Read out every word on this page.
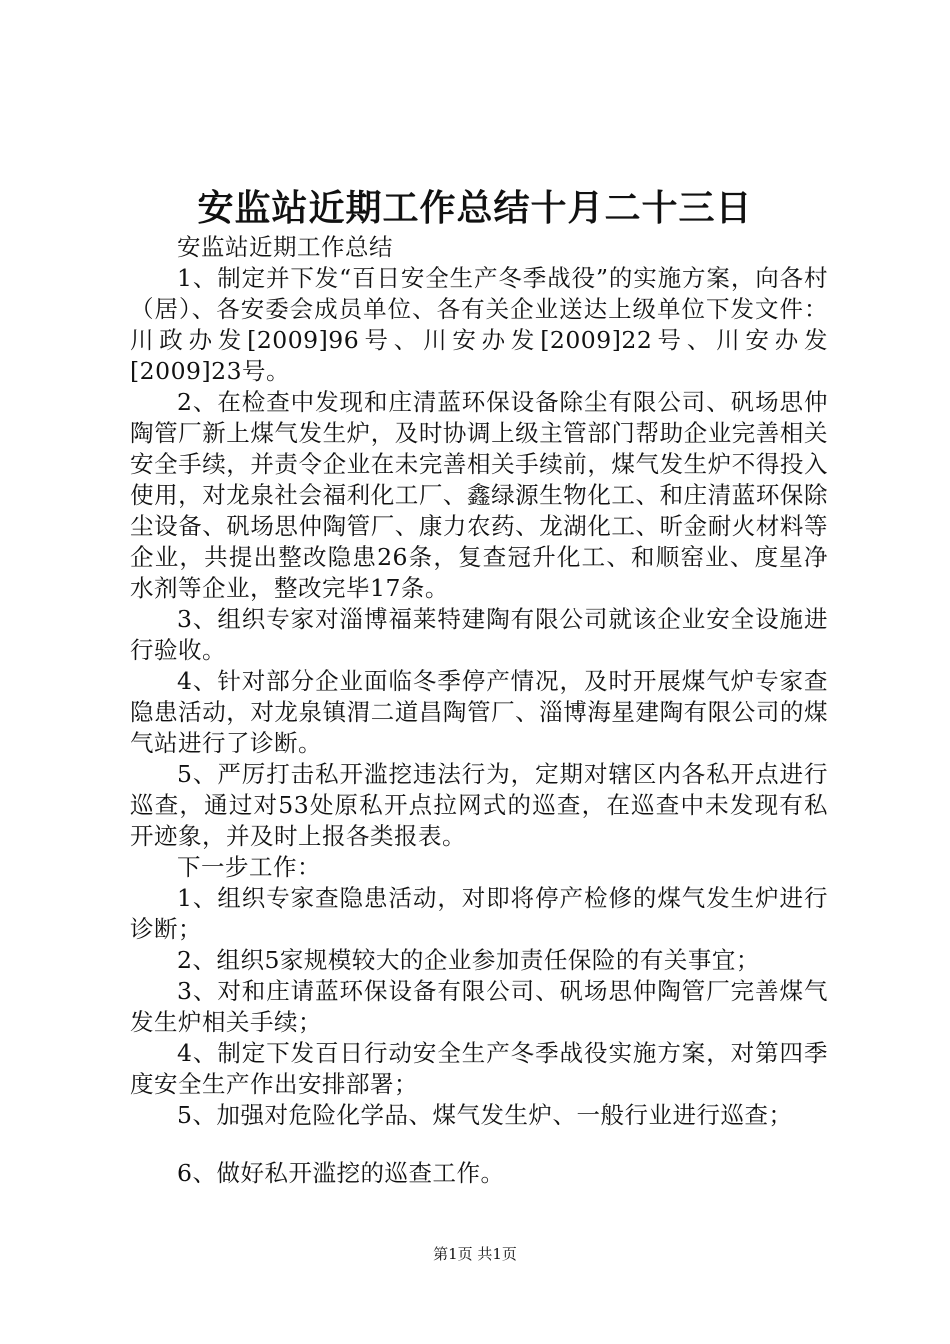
安监站近期工作总结十月二十三日

安监站近期工作总结

1、制定并下发“百日安全生产冬季战役”的实施方案，向各村（居）、各安委会成员单位、各有关企业送达上级单位下发文件：川政办发[2009]96号、川安办发[2009]22号、川安办发[2009]23号。

2、在检查中发现和庄清蓝环保设备除尘有限公司、矾场思仲陶管厂新上煤气发生炉，及时协调上级主管部门帮助企业完善相关安全手续，并责令企业在未完善相关手续前，煤气发生炉不得投入使用，对龙泉社会福利化工厂、鑫绿源生物化工、和庄清蓝环保除尘设备、矾场思仲陶管厂、康力农药、龙湖化工、昕金耐火材料等企业，共提出整改隐患26条，复查冠升化工、和顺窑业、度星净水剂等企业，整改完毕17条。

3、组织专家对淄博福莱特建陶有限公司就该企业安全设施进行验收。

4、针对部分企业面临冬季停产情况，及时开展煤气炉专家查隐患活动，对龙泉镇渭二道昌陶管厂、淄博海星建陶有限公司的煤气站进行了诊断。

5、严厉打击私开滥挖违法行为，定期对辖区内各私开点进行巡查，通过对53处原私开点拉网式的巡查，在巡查中未发现有私开迹象，并及时上报各类报表。

下一步工作：

1、组织专家查隐患活动，对即将停产检修的煤气发生炉进行诊断；

2、组织5家规模较大的企业参加责任保险的有关事宜；

3、对和庄请蓝环保设备有限公司、矾场思仲陶管厂完善煤气发生炉相关手续；

4、制定下发百日行动安全生产冬季战役实施方案，对第四季度安全生产作出安排部署；

5、加强对危险化学品、煤气发生炉、一般行业进行巡查；

6、做好私开滥挖的巡查工作。

第1页 共1页
